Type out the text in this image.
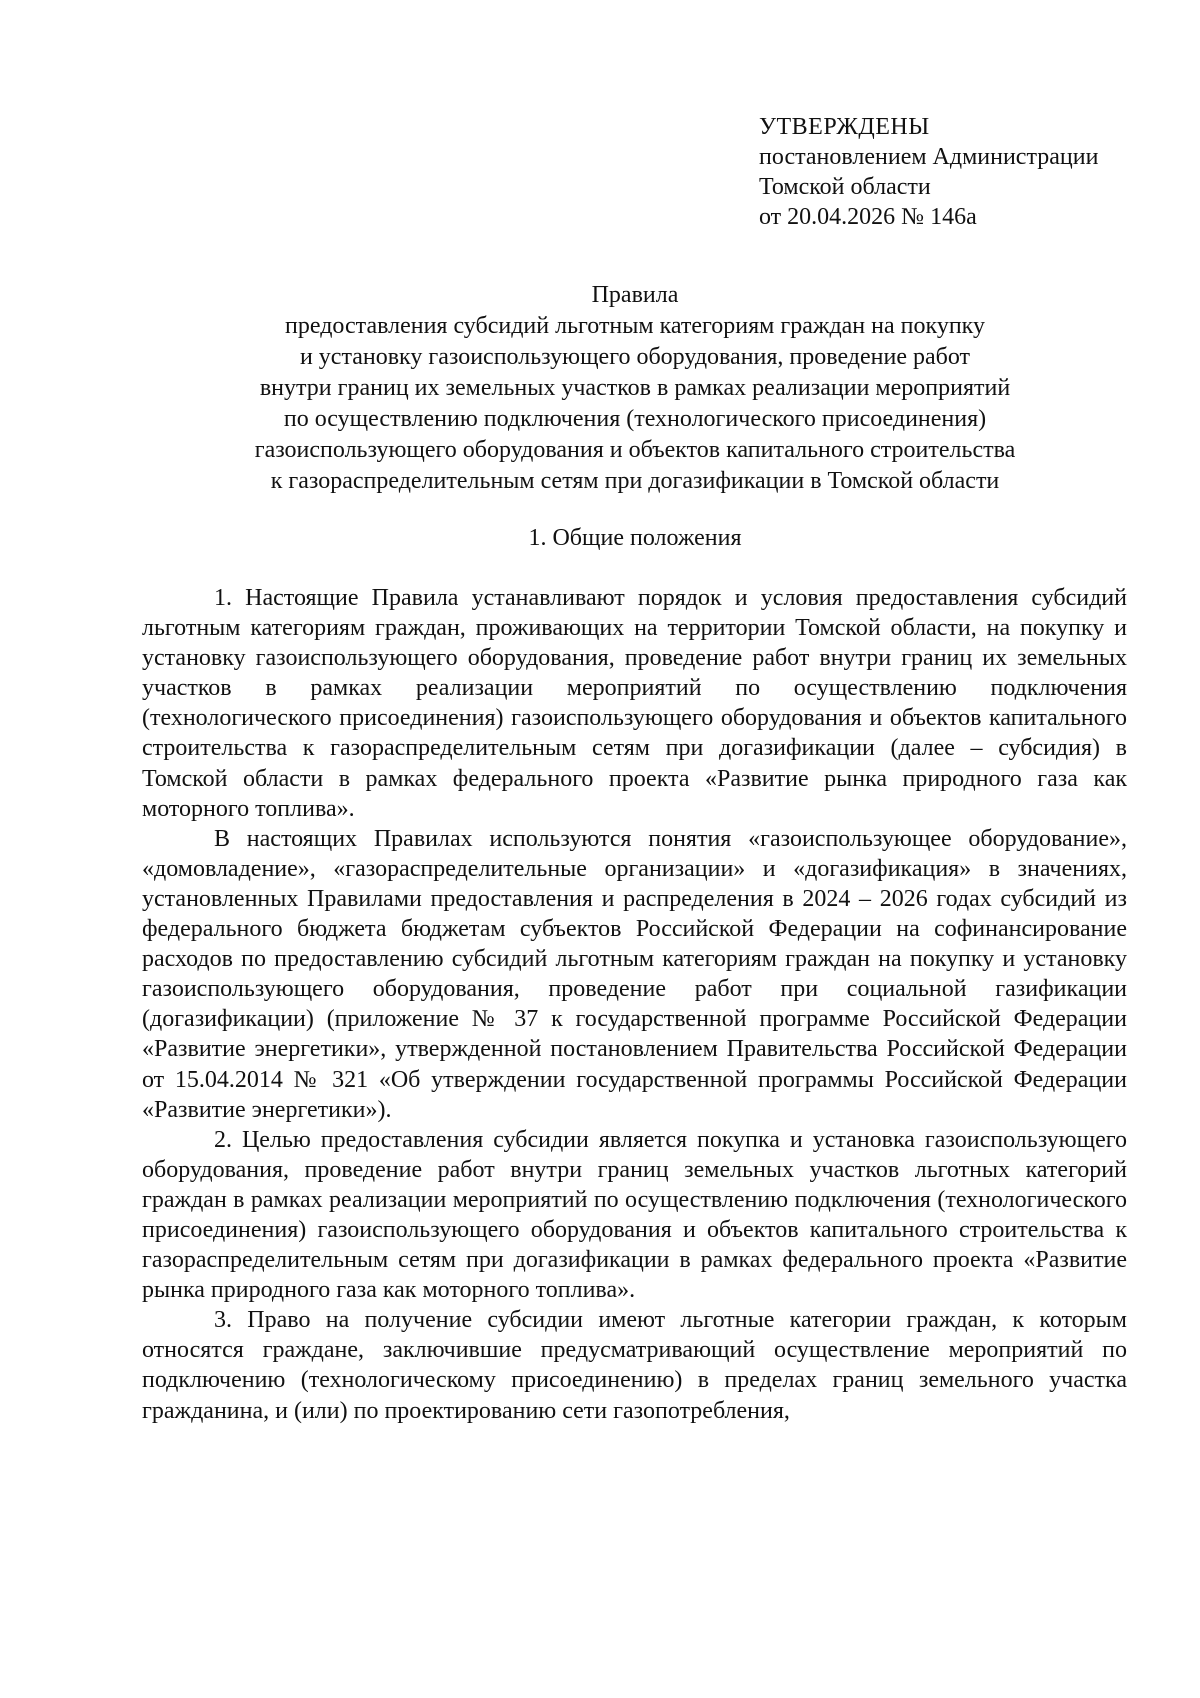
УТВЕРЖДЕНЫ
постановлением Администрации
Томской области
от 20.04.2026 № 146а
Правила
предоставления субсидий льготным категориям граждан на покупку
и установку газоиспользующего оборудования, проведение работ
внутри границ их земельных участков в рамках реализации мероприятий
по осуществлению подключения (технологического присоединения)
газоиспользующего оборудования и объектов капитального строительства
к газораспределительным сетям при догазификации в Томской области
1. Общие положения

1. Настоящие Правила устанавливают порядок и условия предоставления субсидий льготным категориям граждан, проживающих на территории Томской области, на покупку и установку газоиспользующего оборудования, проведение работ внутри границ их земельных участков в рамках реализации мероприятий по осуществлению подключения (технологического присоединения) газоиспользующего оборудования и объектов капитального строительства к газораспределительным сетям при догазификации (далее – субсидия) в Томской области в рамках федерального проекта «Развитие рынка природного газа как моторного топлива».

В настоящих Правилах используются понятия «газоиспользующее оборудование», «домовладение», «газораспределительные организации» и «догазификация» в значениях, установленных Правилами предоставления и распределения в 2024 – 2026 годах субсидий из федерального бюджета бюджетам субъектов Российской Федерации на софинансирование расходов по предоставлению субсидий льготным категориям граждан на покупку и установку газоиспользующего оборудования, проведение работ при социальной газификации (догазификации) (приложение № 37 к государственной программе Российской Федерации «Развитие энергетики», утвержденной постановлением Правительства Российской Федерации от 15.04.2014 № 321 «Об утверждении государственной программы Российской Федерации «Развитие энергетики»).

2. Целью предоставления субсидии является покупка и установка газоиспользующего оборудования, проведение работ внутри границ земельных участков льготных категорий граждан в рамках реализации мероприятий по осуществлению подключения (технологического присоединения) газоиспользующего оборудования и объектов капитального строительства к газораспределительным сетям при догазификации в рамках федерального проекта «Развитие рынка природного газа как моторного топлива».

3. Право на получение субсидии имеют льготные категории граждан, к которым относятся граждане, заключившие предусматривающий осуществление мероприятий по подключению (технологическому присоединению) в пределах границ земельного участка гражданина, и (или) по проектированию сети газопотребления,
